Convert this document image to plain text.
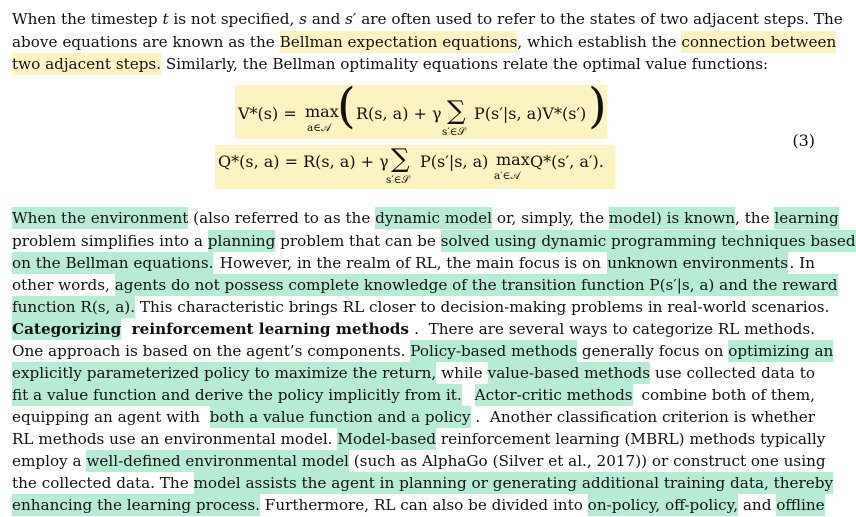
When the timestep t is not specified, s and s′ are often used to refer to the states of two adjacent steps. The
above equations are known as the Bellman expectation equations , which establish the connection between
two adjacent steps. Similarly, the Bellman optimality equations relate the optimal value functions:
V*(s) = max
a∈𝒜 ( R(s, a) + γ ∑
s′∈𝒮
P(s′|s, a)V*(s′) )
Q*(s, a) = R(s, a) + γ ∑
s′∈𝒮
P(s′|s, a) max
a′∈𝒜
Q*(s′, a′).
(3)
When the environment (also referred to as the dynamic model or, simply, the model) is known , the learning
problem simplifies into a planning problem that can be solved using dynamic programming techniques based
on the Bellman equations. However, in the realm of RL, the main focus is on unknown environments . In
other words, agents do not possess complete knowledge of the transition function P(s′|s, a) and the reward
function R(s, a). This characteristic brings RL closer to decision-making problems in real-world scenarios.
Categorizing reinforcement learning methods .  There are several ways to categorize RL methods.
One approach is based on the agent’s components. Policy-based methods generally focus on optimizing an
explicitly parameterized policy to maximize the return, while value-based methods use collected data to
fit a value function and derive the policy implicitly from it.
Actor-critic methods combine both of them,
equipping an agent with both a value function and a policy .  Another classification criterion is whether
RL methods use an environmental model. Model-based reinforcement learning (MBRL) methods typically
employ a well-defined environmental model (such as AlphaGo (Silver et al., 2017)) or construct one using
the collected data. The model assists the agent in planning or generating additional training data, thereby
enhancing the learning process. Furthermore, RL can also be divided into on-policy, off-policy, and offline
